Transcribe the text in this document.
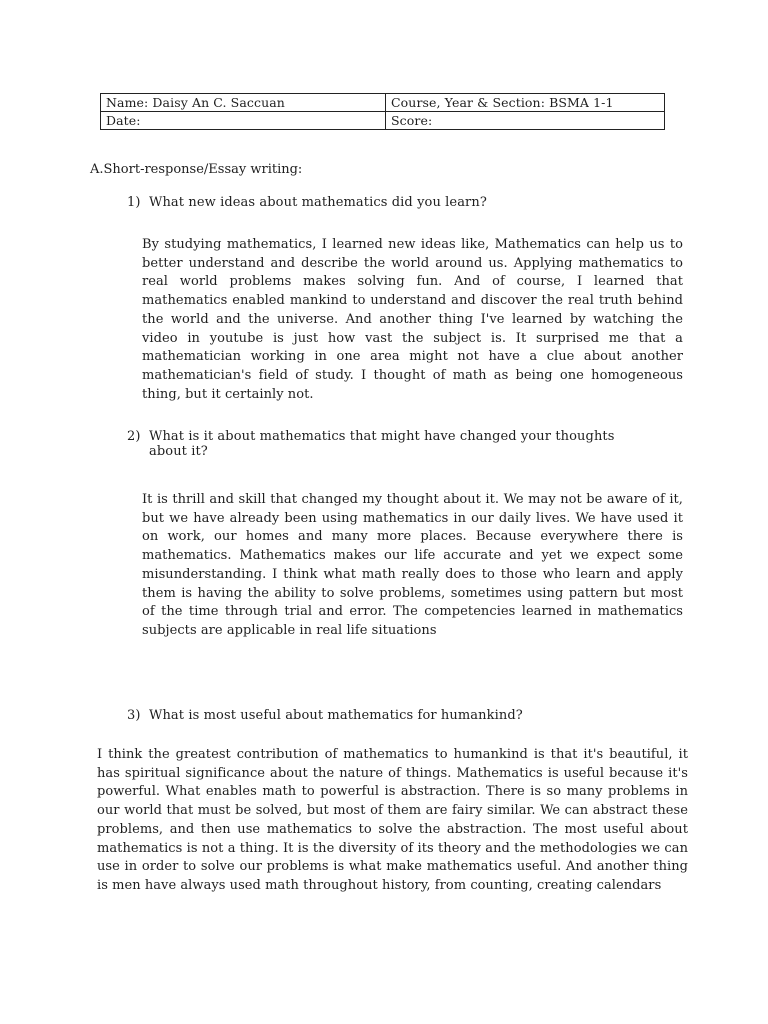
Name: Daisy An C. Saccuan	Course, Year & Section: BSMA 1-1
Date:	Score:
A.Short-response/Essay writing:
1) What new ideas about mathematics did you learn?
By studying mathematics, I learned new ideas like, Mathematics can help us to better understand and describe the world around us. Applying mathematics to real world problems makes solving fun. And of course, I learned that mathematics enabled mankind to understand and discover the real truth behind the world and the universe. And another thing I've learned by watching the video in youtube is just how vast the subject is. It surprised me that a mathematician working in one area might not have a clue about another mathematician's field of study. I thought of math as being one homogeneous thing, but it certainly not.
2) What is it about mathematics that might have changed your thoughts
about it?
It is thrill and skill that changed my thought about it. We may not be aware of it, but we have already been using mathematics in our daily lives. We have used it on work, our homes and many more places. Because everywhere there is mathematics. Mathematics makes our life accurate and yet we expect some misunderstanding. I think what math really does to those who learn and apply them is having the ability to solve problems, sometimes using pattern but most of the time through trial and error. The competencies learned in mathematics subjects are applicable in real life situations
3) What is most useful about mathematics for humankind?
I think the greatest contribution of mathematics to humankind is that it's beautiful, it has spiritual significance about the nature of things. Mathematics is useful because it's powerful. What enables math to powerful is abstraction. There is so many problems in our world that must be solved, but most of them are fairy similar. We can abstract these problems, and then use mathematics to solve the abstraction. The most useful about mathematics is not a thing. It is the diversity of its theory and the methodologies we can use in order to solve our problems is what make mathematics useful. And another thing is men have always used math throughout history, from counting, creating calendars
